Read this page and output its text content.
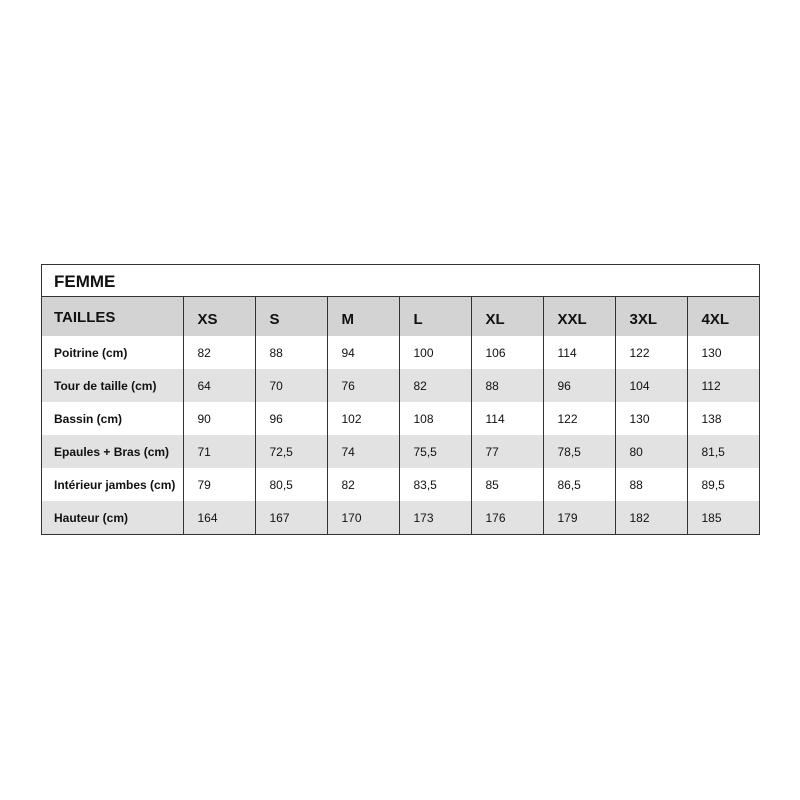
FEMME
TAILLES	XS	S	M	L	XL	XXL	3XL	4XL
Poitrine (cm)	82	88	94	100	106	114	122	130
Tour de taille (cm)	64	70	76	82	88	96	104	112
Bassin (cm)	90	96	102	108	114	122	130	138
Epaules + Bras (cm)	71	72,5	74	75,5	77	78,5	80	81,5
Intérieur jambes (cm)	79	80,5	82	83,5	85	86,5	88	89,5
Hauteur (cm)	164	167	170	173	176	179	182	185
